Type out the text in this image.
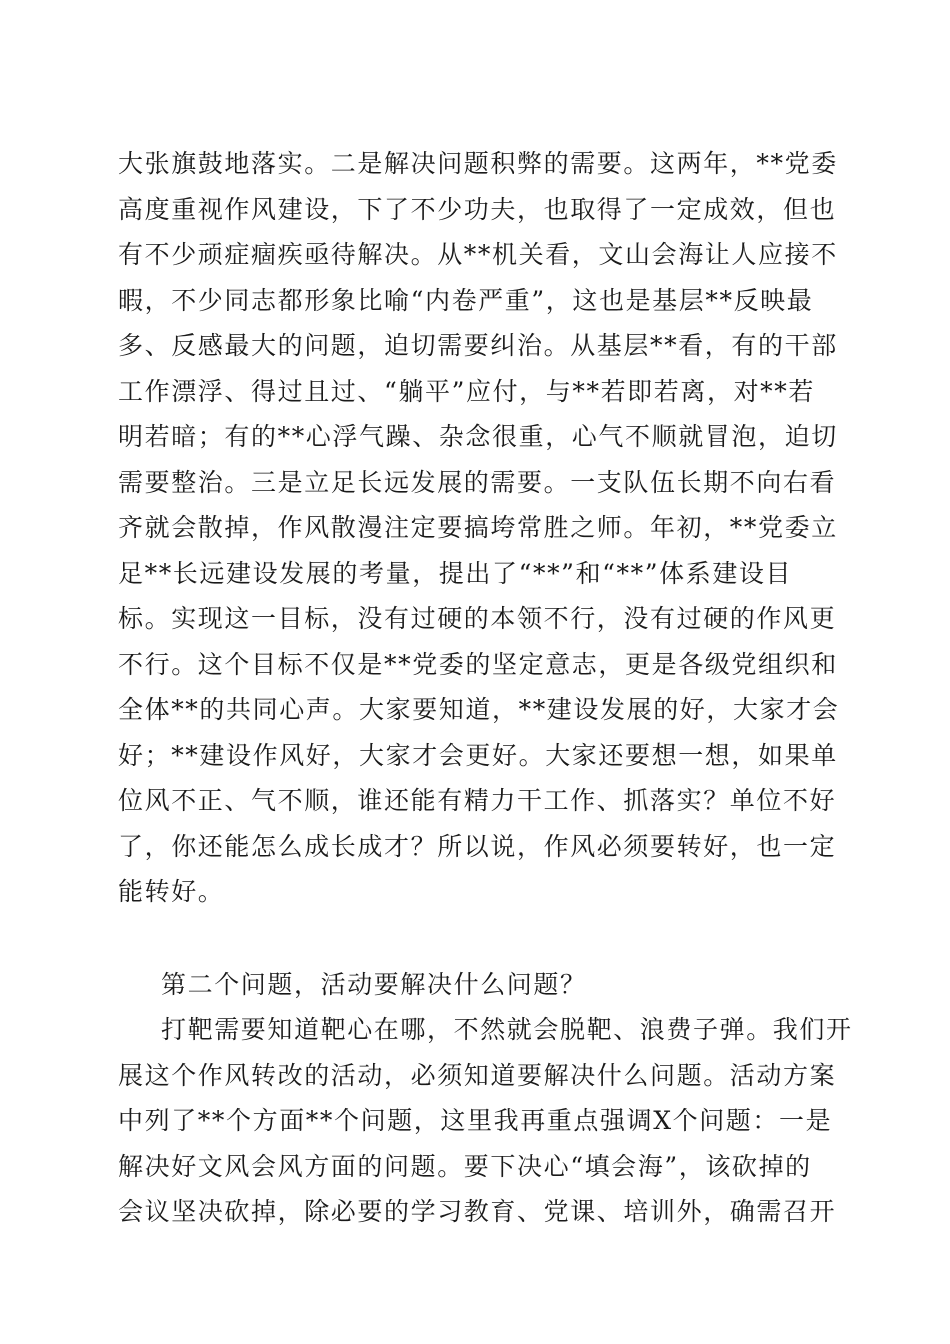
大张旗鼓地落实。二是解决问题积弊的需要。这两年，**党委
高度重视作风建设，下了不少功夫，也取得了一定成效，但也
有不少顽症痼疾亟待解决。从**机关看，文山会海让人应接不
暇，不少同志都形象比喻“内卷严重”，这也是基层**反映最
多、反感最大的问题，迫切需要纠治。从基层**看，有的干部
工作漂浮、得过且过、“躺平”应付，与**若即若离，对**若
明若暗；有的**心浮气躁、杂念很重，心气不顺就冒泡，迫切
需要整治。三是立足长远发展的需要。一支队伍长期不向右看
齐就会散掉，作风散漫注定要搞垮常胜之师。年初，**党委立
足**长远建设发展的考量，提出了“**”和“**”体系建设目
标。实现这一目标，没有过硬的本领不行，没有过硬的作风更
不行。这个目标不仅是**党委的坚定意志，更是各级党组织和
全体**的共同心声。大家要知道，**建设发展的好，大家才会
好；**建设作风好，大家才会更好。大家还要想一想，如果单
位风不正、气不顺，谁还能有精力干工作、抓落实？单位不好
了，你还能怎么成长成才？所以说，作风必须要转好，也一定
能转好。
第二个问题，活动要解决什么问题？
打靶需要知道靶心在哪，不然就会脱靶、浪费子弹。我们开
展这个作风转改的活动，必须知道要解决什么问题。活动方案
中列了**个方面**个问题，这里我再重点强调X个问题：一是
解决好文风会风方面的问题。要下决心“填会海”，该砍掉的
会议坚决砍掉，除必要的学习教育、党课、培训外，确需召开
